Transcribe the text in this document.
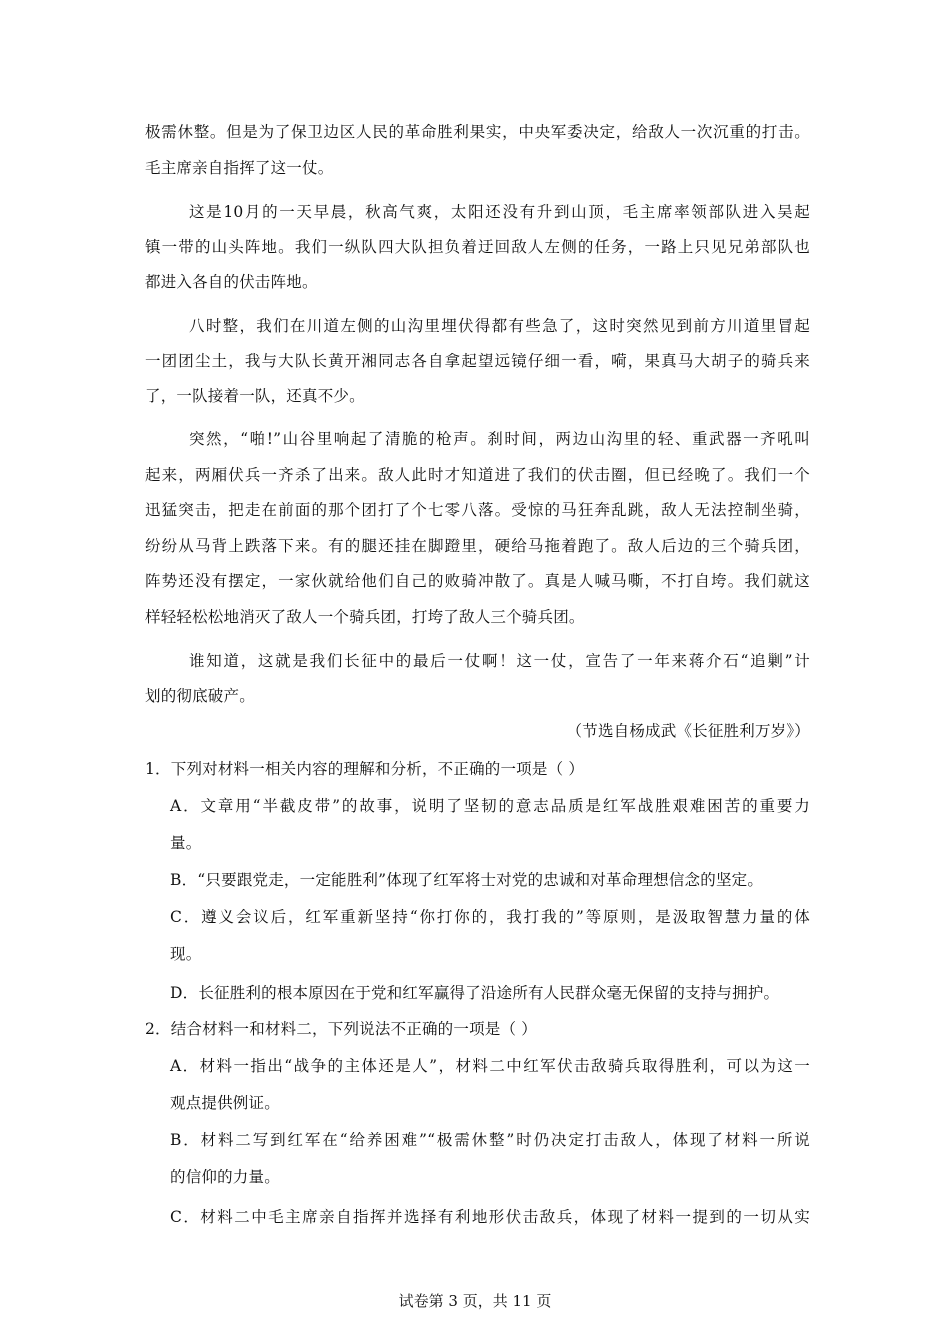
极需休整。但是为了保卫边区人民的革命胜利果实，中央军委决定，给敌人一次沉重的打击。
毛主席亲自指挥了这一仗。
这是10月的一天早晨，秋高气爽，太阳还没有升到山顶，毛主席率领部队进入吴起
镇一带的山头阵地。我们一纵队四大队担负着迂回敌人左侧的任务，一路上只见兄弟部队也
都进入各自的伏击阵地。
八时整，我们在川道左侧的山沟里埋伏得都有些急了，这时突然见到前方川道里冒起
一团团尘土，我与大队长黄开湘同志各自拿起望远镜仔细一看，嗬，果真马大胡子的骑兵来
了，一队接着一队，还真不少。
突然，“啪!”山谷里响起了清脆的枪声。刹时间，两边山沟里的轻、重武器一齐吼叫
起来，两厢伏兵一齐杀了出来。敌人此时才知道进了我们的伏击圈，但已经晚了。我们一个
迅猛突击，把走在前面的那个团打了个七零八落。受惊的马狂奔乱跳，敌人无法控制坐骑，
纷纷从马背上跌落下来。有的腿还挂在脚蹬里，硬给马拖着跑了。敌人后边的三个骑兵团，
阵势还没有摆定，一家伙就给他们自己的败骑冲散了。真是人喊马嘶，不打自垮。我们就这
样轻轻松松地消灭了敌人一个骑兵团，打垮了敌人三个骑兵团。
谁知道，这就是我们长征中的最后一仗啊！这一仗，宣告了一年来蒋介石“追剿”计
划的彻底破产。
（节选自杨成武《长征胜利万岁》）
1．下列对材料一相关内容的理解和分析，不正确的一项是（ ）
A．文章用“半截皮带”的故事，说明了坚韧的意志品质是红军战胜艰难困苦的重要力
量。
B．“只要跟党走，一定能胜利”体现了红军将士对党的忠诚和对革命理想信念的坚定。
C．遵义会议后，红军重新坚持“你打你的，我打我的”等原则，是汲取智慧力量的体
现。
D．长征胜利的根本原因在于党和红军赢得了沿途所有人民群众毫无保留的支持与拥护。
2．结合材料一和材料二，下列说法不正确的一项是（ ）
A．材料一指出“战争的主体还是人”，材料二中红军伏击敌骑兵取得胜利，可以为这一
观点提供例证。
B．材料二写到红军在“给养困难”“极需休整”时仍决定打击敌人，体现了材料一所说
的信仰的力量。
C．材料二中毛主席亲自指挥并选择有利地形伏击敌兵，体现了材料一提到的一切从实
试卷第 3 页，共 11 页
